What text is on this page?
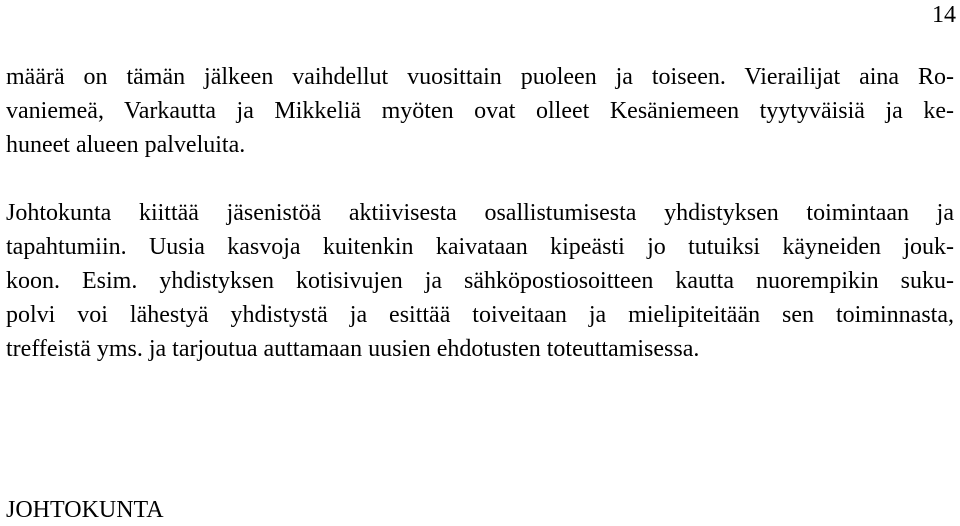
14
määrä on tämän jälkeen vaihdellut vuosittain puoleen ja toiseen. Vierailijat aina Ro-
vaniemeä, Varkautta ja Mikkeliä myöten ovat olleet Kesäniemeen tyytyväisiä ja ke-
huneet alueen palveluita.
Johtokunta kiittää jäsenistöä aktiivisesta osallistumisesta yhdistyksen toimintaan ja
tapahtumiin. Uusia kasvoja kuitenkin kaivataan kipeästi jo tutuiksi käyneiden jouk-
koon. Esim. yhdistyksen kotisivujen ja sähköpostiosoitteen kautta nuorempikin suku-
polvi voi lähestyä yhdistystä ja esittää toiveitaan ja mielipiteitään sen toiminnasta,
treffeistä yms. ja tarjoutua auttamaan uusien ehdotusten toteuttamisessa.
JOHTOKUNTA
